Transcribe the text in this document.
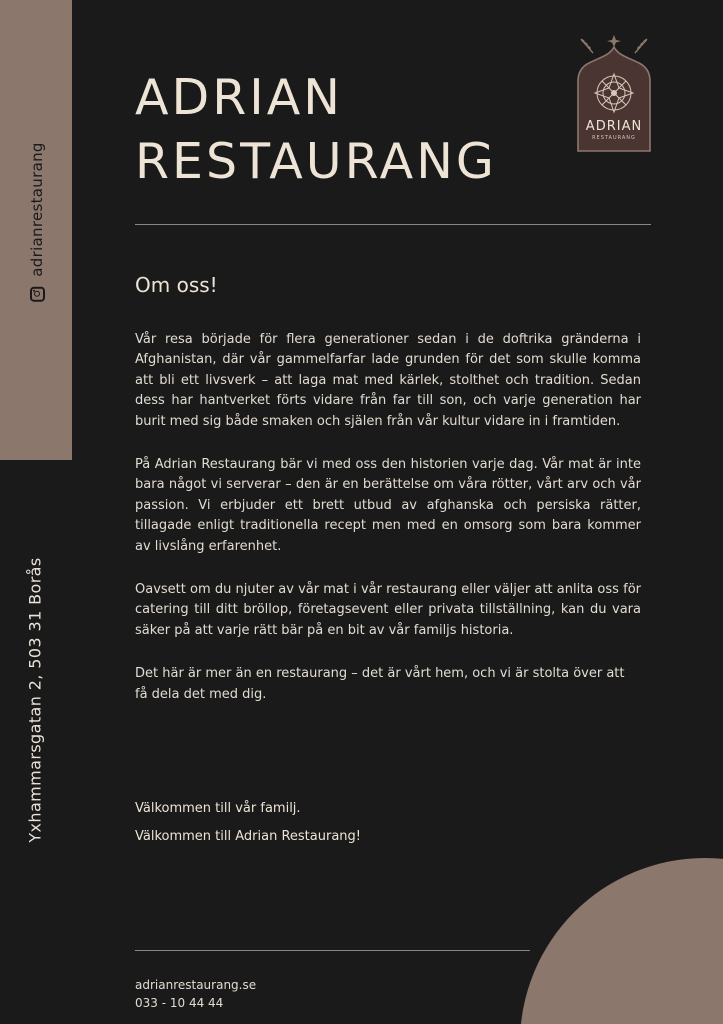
adrianrestaurang
Yxhammarsgatan 2, 503 31 Borås
ADRIAN
RESTAURANG
ADRIAN
RESTAURANG
Om oss!

Vår resa började för flera generationer sedan i de doftrika gränderna i Afghanistan, där vår gammelfarfar lade grunden för det som skulle komma att bli ett livsverk – att laga mat med kärlek, stolthet och tradition. Sedan dess har hantverket förts vidare från far till son, och varje generation har burit med sig både smaken och själen från vår kultur vidare in i framtiden.

På Adrian Restaurang bär vi med oss den historien varje dag. Vår mat är inte bara något vi serverar – den är en berättelse om våra rötter, vårt arv och vår passion. Vi erbjuder ett brett utbud av afghanska och persiska rätter, tillagade enligt traditionella recept men med en omsorg som bara kommer av livslång erfarenhet.

Oavsett om du njuter av vår mat i vår restaurang eller väljer att anlita oss för catering till ditt bröllop, företagsevent eller privata tillställning, kan du vara säker på att varje rätt bär på en bit av vår familjs historia.

Det här är mer än en restaurang – det är vårt hem, och vi är stolta över att få dela det med dig.

Välkommen till vår familj.
Välkommen till Adrian Restaurang!
adrianrestaurang.se
033 - 10 44 44
